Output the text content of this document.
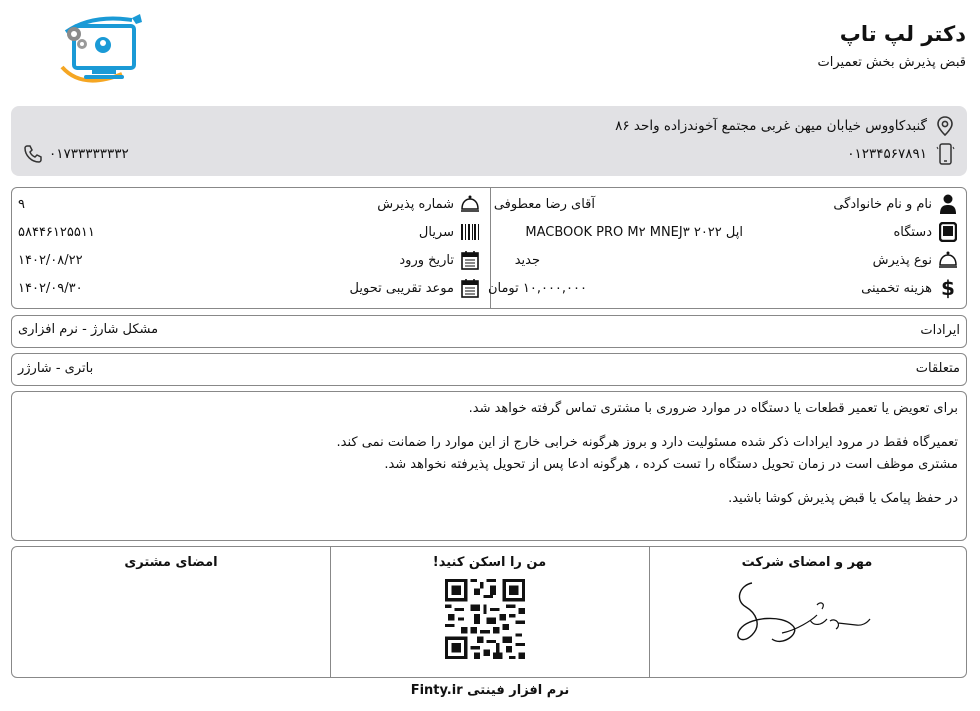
دکتر لپ تاپ
قبض پذیرش بخش تعمیرات
گنبدکاووس خیابان میهن غربی مجتمع آخوندزاده واحد ۸۶
۰۱۲۳۴۵۶۷۸۹۱
۰۱۷۳۳۳۳۳۳۳۲
نام و نام خانوادگی
آقای رضا معطوفی
دستگاه
اپل ۲۰۲۲ MACBOOK PRO M۲ MNEJ۳
نوع پذیرش
جدید
$
هزینه تخمینی
۱۰,۰۰۰,۰۰۰ تومان
شماره پذیرش
۹
سریال
۵۸۴۴۶۱۲۵۵۱۱
تاریخ ورود
۱۴۰۲/۰۸/۲۲
موعد تقریبی تحویل
۱۴۰۲/۰۹/۳۰
ایرادات
مشکل شارژ - نرم افزاری
متعلقات
باتری - شارژر

برای تعویض یا تعمیر قطعات یا دستگاه در موارد ضروری با مشتری تماس گرفته خواهد شد.

تعمیرگاه فقط در مرود ایرادات ذکر شده مسئولیت دارد و بروز هرگونه خرابی خارج از این موارد را ضمانت نمی کند.

مشتری موظف است در زمان تحویل دستگاه را تست کرده ، هرگونه ادعا پس از تحویل پذیرفته نخواهد شد.

در حفظ پیامک یا قبض پذیرش کوشا باشید.

مهر و امضای شرکت
من را اسکن کنید!
امضای مشتری
نرم افزار فینتی Finty.ir
